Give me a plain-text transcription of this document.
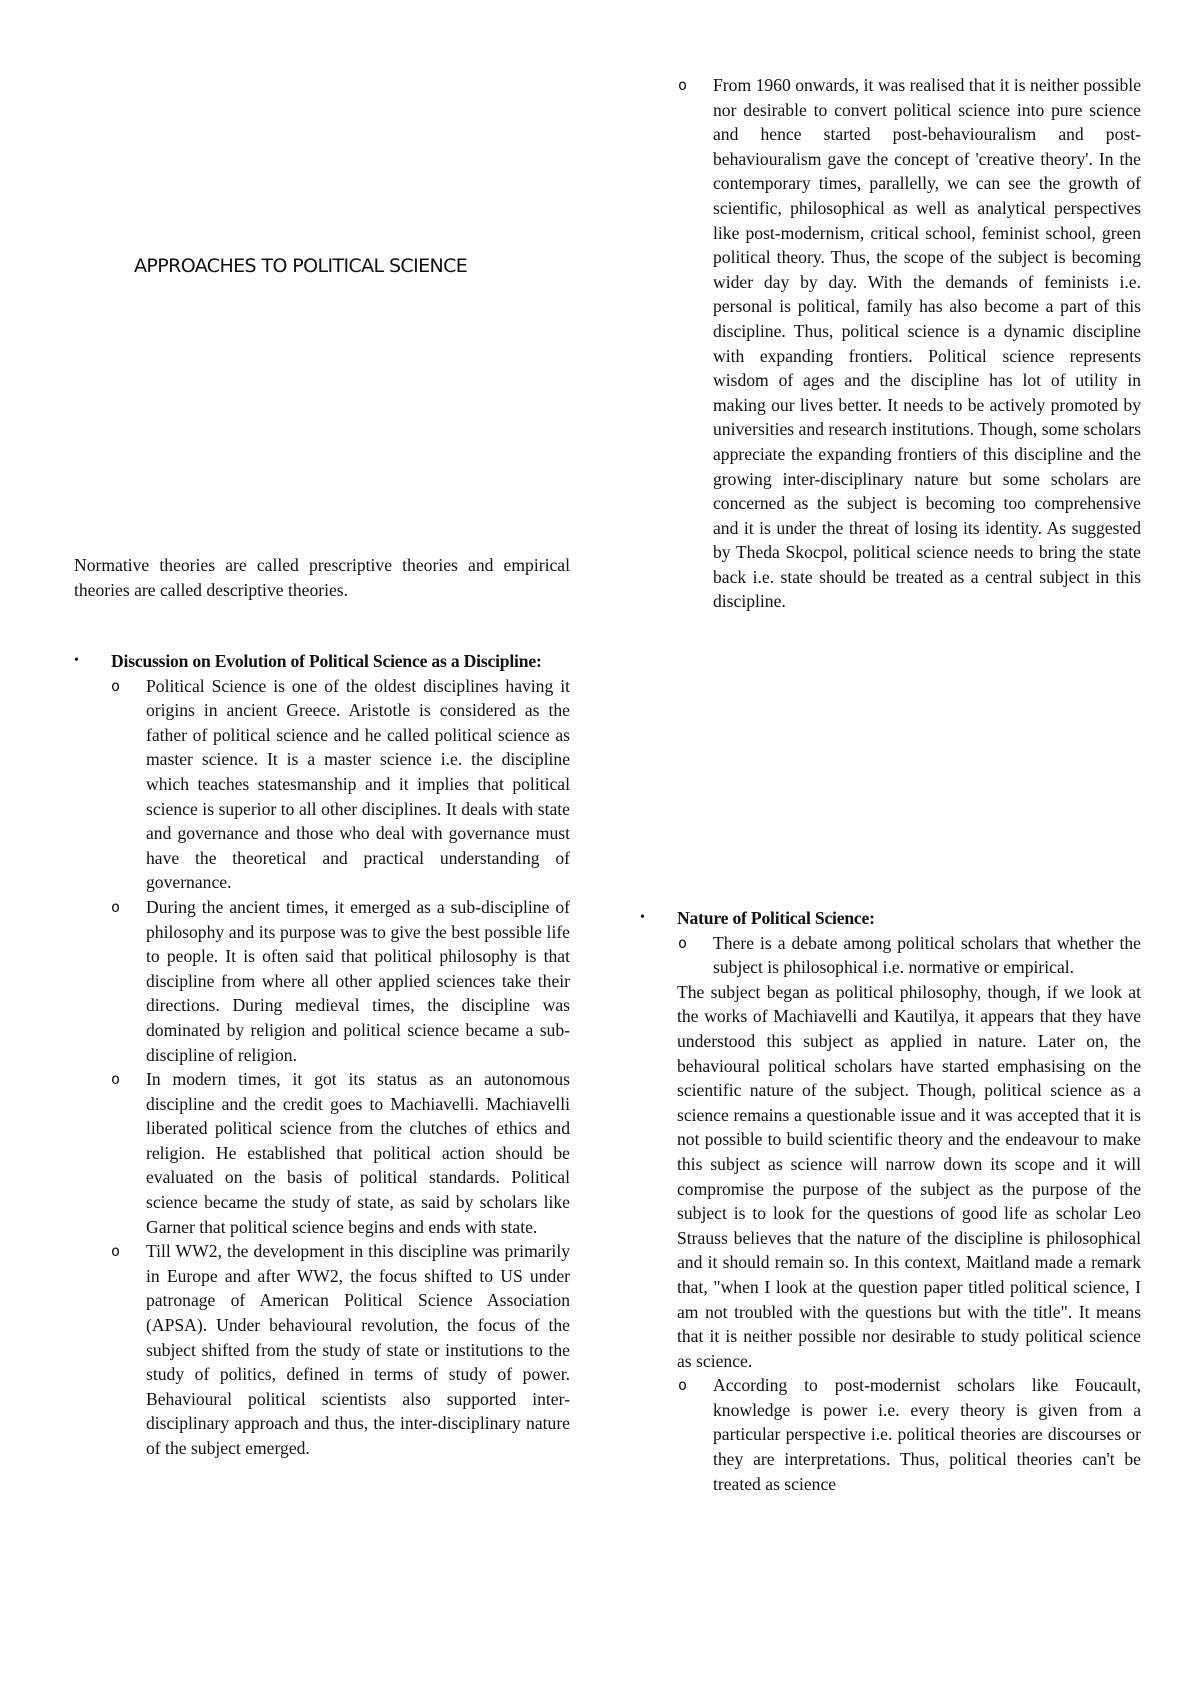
APPROACHES TO POLITICAL SCIENCE

Normative theories are called prescriptive theories and empirical theories are called descriptive theories.

•	Discussion on Evolution of Political Science as a Discipline:
o Political Science is one of the oldest disciplines having it origins in ancient Greece. Aristotle is considered as the father of political science and he called political science as master science. It is a master science i.e. the discipline which teaches statesmanship and it implies that political science is superior to all other disciplines. It deals with state and governance and those who deal with governance must have the theoretical and practical understanding of governance.

o During the ancient times, it emerged as a sub-discipline of philosophy and its purpose was to give the best possible life to people. It is often said that political philosophy is that discipline from where all other applied sciences take their directions. During medieval times, the discipline was dominated by religion and political science became a sub-discipline of religion.

o In modern times, it got its status as an autonomous discipline and the credit goes to Machiavelli. Machiavelli liberated political science from the clutches of ethics and religion. He established that political action should be evaluated on the basis of political standards. Political science became the study of state, as said by scholars like Garner that political science begins and ends with state.

o Till WW2, the development in this discipline was primarily in Europe and after WW2, the focus shifted to US under patronage of American Political Science Association (APSA). Under behavioural revolution, the focus of the subject shifted from the study of state or institutions to the study of politics, defined in terms of study of power. Behavioural political scientists also supported inter-disciplinary approach and thus, the inter-disciplinary nature of the subject emerged.

o From 1960 onwards, it was realised that it is neither possible nor desirable to convert political science into pure science and hence started post-behaviouralism and post-behaviouralism gave the concept of 'creative theory'. In the contemporary times, parallelly, we can see the growth of scientific, philosophical as well as analytical perspectives like post-modernism, critical school, feminist school, green political theory. Thus, the scope of the subject is becoming wider day by day. With the demands of feminists i.e. personal is political, family has also become a part of this discipline. Thus, political science is a dynamic discipline with expanding frontiers. Political science represents wisdom of ages and the discipline has lot of utility in making our lives better. It needs to be actively promoted by universities and research institutions. Though, some scholars appreciate the expanding frontiers of this discipline and the growing inter-disciplinary nature but some scholars are concerned as the subject is becoming too comprehensive and it is under the threat of losing its identity. As suggested by Theda Skocpol, political science needs to bring the state back i.e. state should be treated as a central subject in this discipline.

•	Nature of Political Science:
o There is a debate among political scholars that whether the subject is philosophical i.e. normative or empirical.

The subject began as political philosophy, though, if we look at the works of Machiavelli and Kautilya, it appears that they have understood this subject as applied in nature. Later on, the behavioural political scholars have started emphasising on the scientific nature of the subject. Though, political science as a science remains a questionable issue and it was accepted that it is not possible to build scientific theory and the endeavour to make this subject as science will narrow down its scope and it will compromise the purpose of the subject as the purpose of the subject is to look for the questions of good life as scholar Leo Strauss believes that the nature of the discipline is philosophical and it should remain so. In this context, Maitland made a remark that, "when I look at the question paper titled political science, I am not troubled with the questions but with the title". It means that it is neither possible nor desirable to study political science as science.

o According to post-modernist scholars like Foucault, knowledge is power i.e. every theory is given from a particular perspective i.e. political theories are discourses or they are interpretations. Thus, political theories can't be treated as science
